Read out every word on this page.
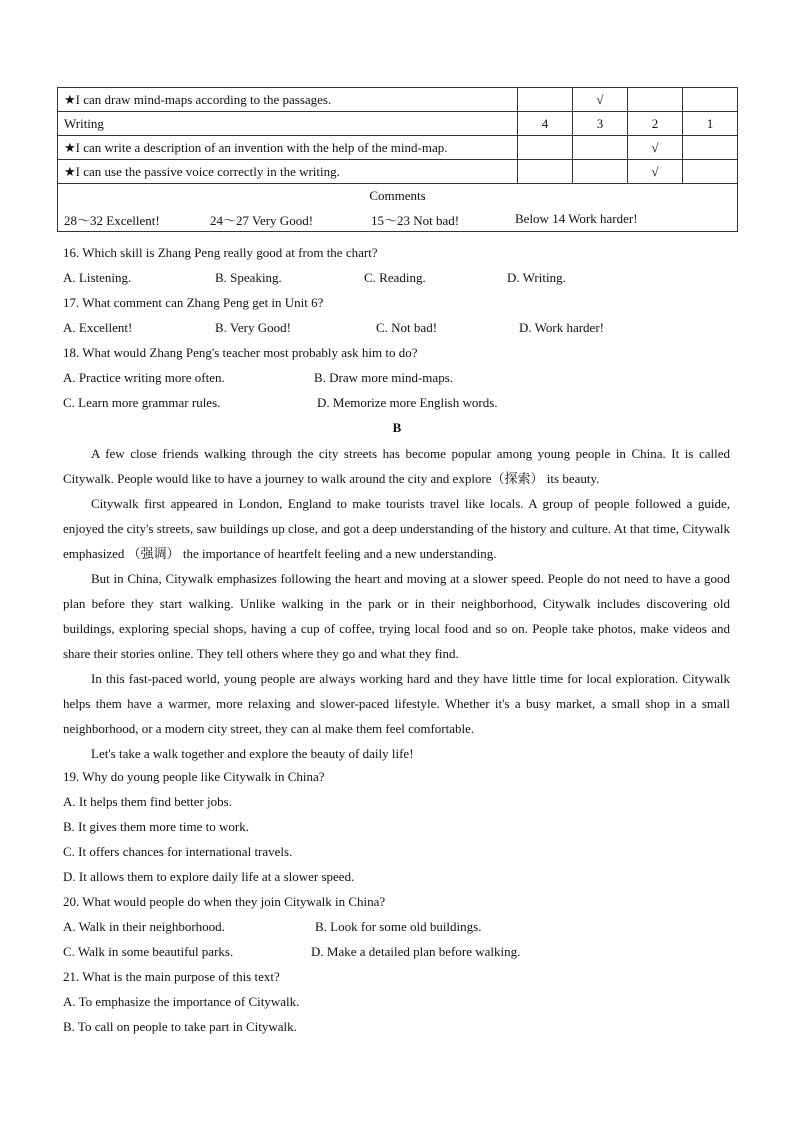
★I can draw mind-maps according to the passages.		√		
Writing	4	3	2	1
★I can write a description of an invention with the help of the mind-map.			√	
★I can use the passive voice correctly in the writing.			√	
Comments				

28～32 Excellent! 24～27 Very Good! 15～23 Not bad! Below 14 Work harder!				
16. Which skill is Zhang Peng really good at from the chart?
A. Listening.	B. Speaking.	C. Reading.	D. Writing.
17. What comment can Zhang Peng get in Unit 6?
A. Excellent!	B. Very Good!	C. Not bad!	D. Work harder!
18. What would Zhang Peng's teacher most probably ask him to do?
A. Practice writing more often.	B. Draw more mind-maps.
C. Learn more grammar rules.	D. Memorize more English words.
B

A few close friends walking through the city streets has become popular among young people in China. It is called Citywalk. People would like to have a journey to walk around the city and explore（探索） its beauty.

Citywalk first appeared in London, England to make tourists travel like locals. A group of people followed a guide, enjoyed the city's streets, saw buildings up close, and got a deep understanding of the history and culture. At that time, Citywalk emphasized （强调） the importance of heartfelt feeling and a new understanding.

But in China, Citywalk emphasizes following the heart and moving at a slower speed. People do not need to have a good plan before they start walking. Unlike walking in the park or in their neighborhood, Citywalk includes discovering old buildings, exploring special shops, having a cup of coffee, trying local food and so on. People take photos, make videos and share their stories online. They tell others where they go and what they find.

In this fast-paced world, young people are always working hard and they have little time for local exploration. Citywalk helps them have a warmer, more relaxing and slower-paced lifestyle. Whether it's a busy market, a small shop in a small neighborhood, or a modern city street, they can al make them feel comfortable.

Let's take a walk together and explore the beauty of daily life!

19. Why do young people like Citywalk in China?
A. It helps them find better jobs.
B. It gives them more time to work.
C. It offers chances for international travels.
D. It allows them to explore daily life at a slower speed.
20. What would people do when they join Citywalk in China?
A. Walk in their neighborhood.	B. Look for some old buildings.
C. Walk in some beautiful parks.	D. Make a detailed plan before walking.
21. What is the main purpose of this text?
A. To emphasize the importance of Citywalk.
B. To call on people to take part in Citywalk.
